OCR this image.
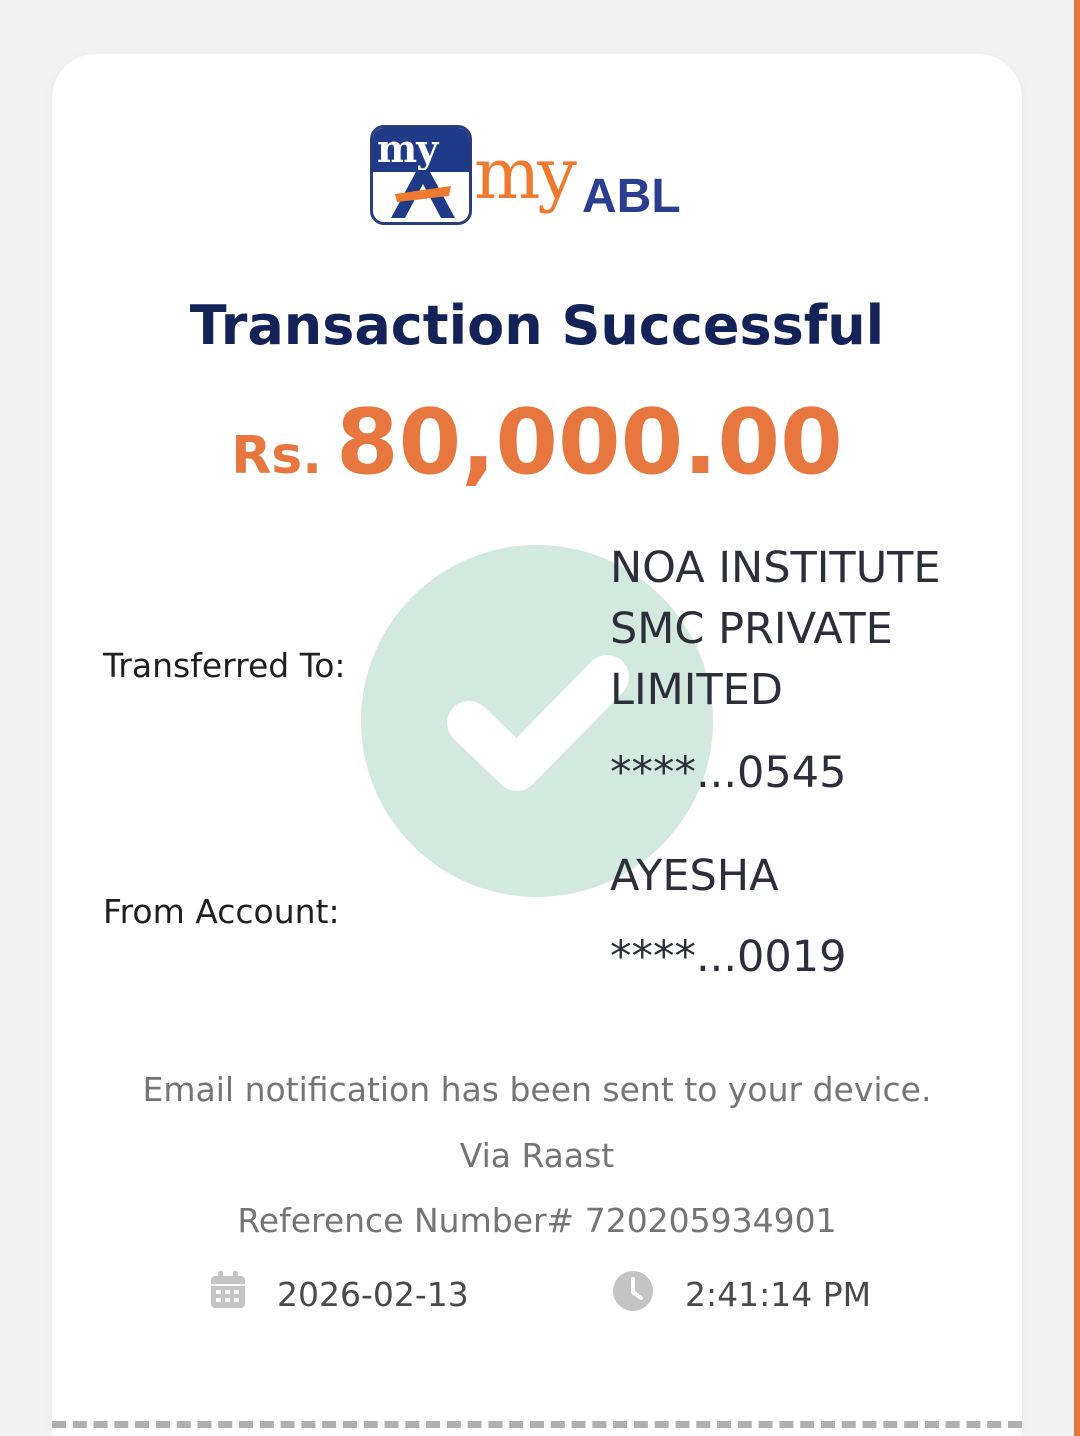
my my ABL
Transaction Successful
Rs. 80,000.00
Transferred To:
NOA INSTITUTE SMC PRIVATE LIMITED
****...0545
From Account:
AYESHA
****...0019
Email notification has been sent to your device.
Via Raast
Reference Number# 720205934901
2026-02-13	2:41:14 PM
